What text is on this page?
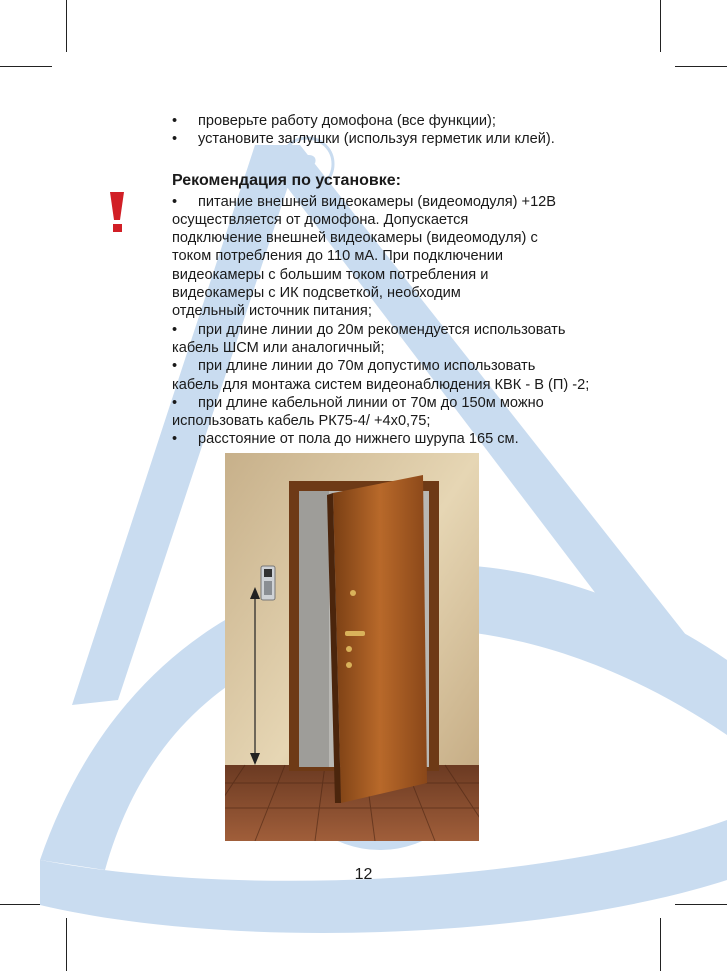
R
• проверьте работу домофона (все функции);
• установите заглушки (используя герметик или клей).
Рекомендация по установке:
• питание внешней видеокамеры (видеомодуля) +12В
осуществляется от домофона. Допускается
подключение внешней видеокамеры (видеомодуля) с
током потребления до 110 мА. При подключении
видеокамеры с большим током потребления и
видеокамеры с ИК подсветкой, необходим
отдельный источник питания;
• при длине линии до 20м рекомендуется использовать
кабель ШСМ или аналогичный;
• при длине линии до 70м допустимо использовать
кабель для монтажа систем видеонаблюдения КВК - В (П) -2;
• при длине кабельной линии от 70м до 150м можно
использовать кабель РК75-4/ +4х0,75;
• расстояние от пола до нижнего шурупа 165 см.
12
